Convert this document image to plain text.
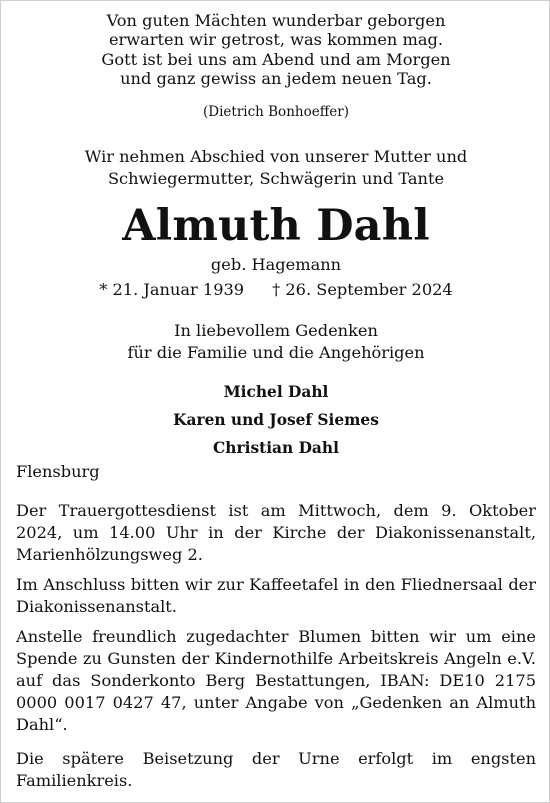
Von guten Mächten wunderbar geborgen
erwarten wir getrost, was kommen mag.
Gott ist bei uns am Abend und am Morgen
und ganz gewiss an jedem neuen Tag.
(Dietrich Bonhoeffer)
Wir nehmen Abschied von unserer Mutter und
Schwiegermutter, Schwägerin und Tante
Almuth Dahl
geb. Hagemann
* 21. Januar 1939 † 26. September 2024
In liebevollem Gedenken
für die Familie und die Angehörigen
Michel Dahl
Karen und Josef Siemes
Christian Dahl
Flensburg
Der Trauergottesdienst ist am Mittwoch, dem 9. Oktober 2024, um 14.00 Uhr in der Kirche der Diakonissenanstalt, Marienhölzungsweg 2.
Im Anschluss bitten wir zur Kaffeetafel in den Fliednersaal der Diakonissenanstalt.
Anstelle freundlich zugedachter Blumen bitten wir um eine Spende zu Gunsten der Kindernothilfe Arbeitskreis Angeln e.V. auf das Sonderkonto Berg Bestattungen, IBAN: DE10 2175 0000 0017 0427 47, unter Angabe von „Gedenken an Almuth Dahl“.
Die spätere Beisetzung der Urne erfolgt im engsten Familienkreis.
